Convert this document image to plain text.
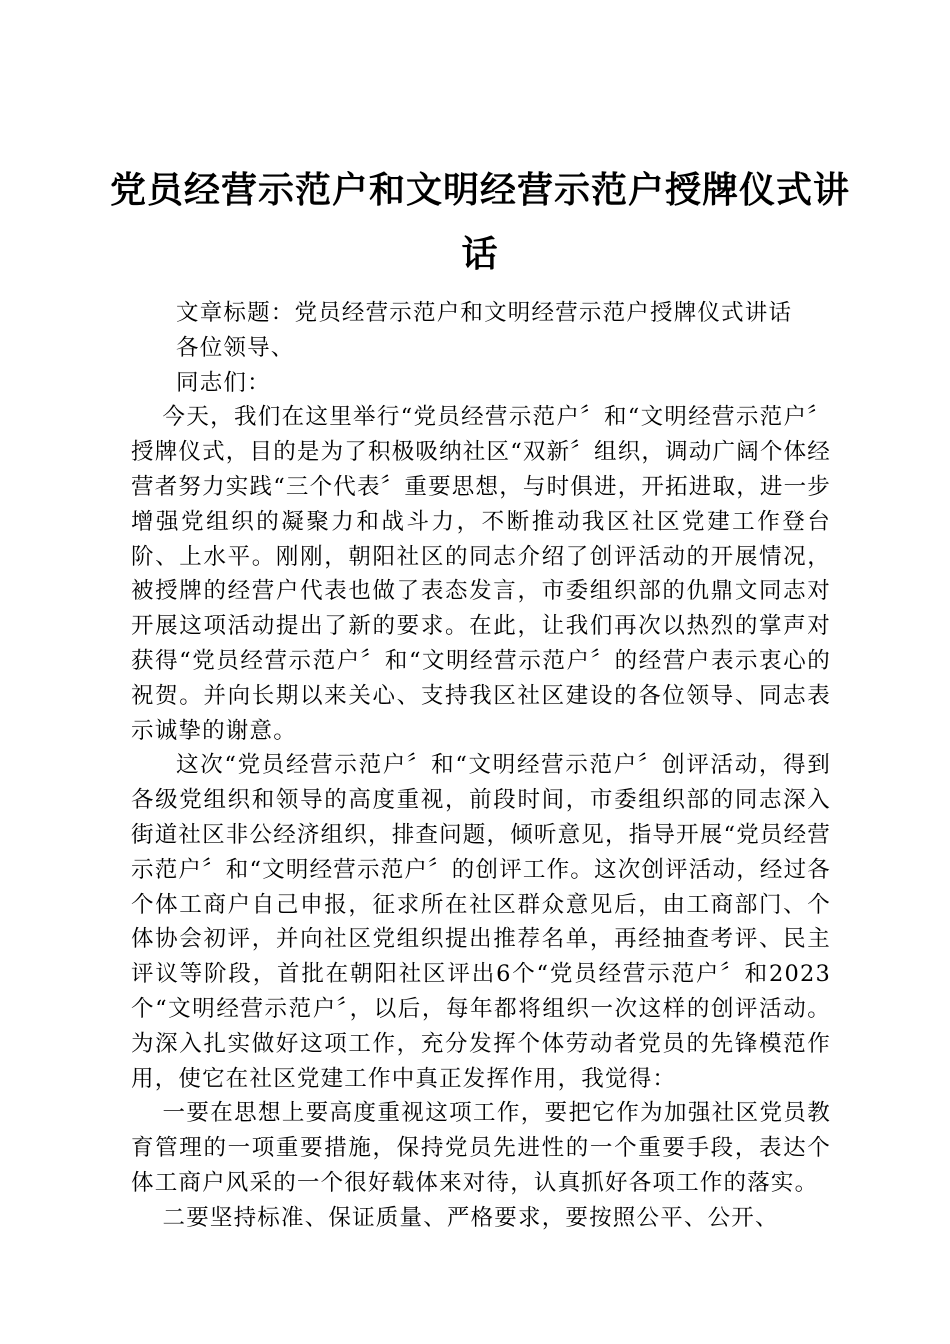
党员经营示范户和文明经营示范户授牌仪式讲话

文章标题：党员经营示范户和文明经营示范户授牌仪式讲话

各位领导、

同志们：

今天，我们在这里举行“党员经营示范户〞和“文明经营示范户〞授牌仪式，目的是为了积极吸纳社区“双新〞组织，调动广阔个体经营者努力实践“三个代表〞重要思想，与时俱进，开拓进取，进一步增强党组织的凝聚力和战斗力，不断推动我区社区党建工作登台阶、上水平。刚刚，朝阳社区的同志介绍了创评活动的开展情况，被授牌的经营户代表也做了表态发言，市委组织部的仇鼎文同志对开展这项活动提出了新的要求。在此，让我们再次以热烈的掌声对获得“党员经营示范户〞和“文明经营示范户〞的经营户表示衷心的祝贺。并向长期以来关心、支持我区社区建设的各位领导、同志表示诚挚的谢意。

这次“党员经营示范户〞和“文明经营示范户〞创评活动，得到各级党组织和领导的高度重视，前段时间，市委组织部的同志深入街道社区非公经济组织，排查问题，倾听意见，指导开展“党员经营示范户〞和“文明经营示范户〞的创评工作。这次创评活动，经过各个体工商户自己申报，征求所在社区群众意见后，由工商部门、个体协会初评，并向社区党组织提出推荐名单，再经抽查考评、民主评议等阶段，首批在朝阳社区评出6个“党员经营示范户〞和2023个“文明经营示范户〞，以后，每年都将组织一次这样的创评活动。为深入扎实做好这项工作，充分发挥个体劳动者党员的先锋模范作用，使它在社区党建工作中真正发挥作用，我觉得：

一要在思想上要高度重视这项工作，要把它作为加强社区党员教育管理的一项重要措施，保持党员先进性的一个重要手段，表达个体工商户风采的一个很好载体来对待，认真抓好各项工作的落实。

二要坚持标准、保证质量、严格要求，要按照公平、公开、
